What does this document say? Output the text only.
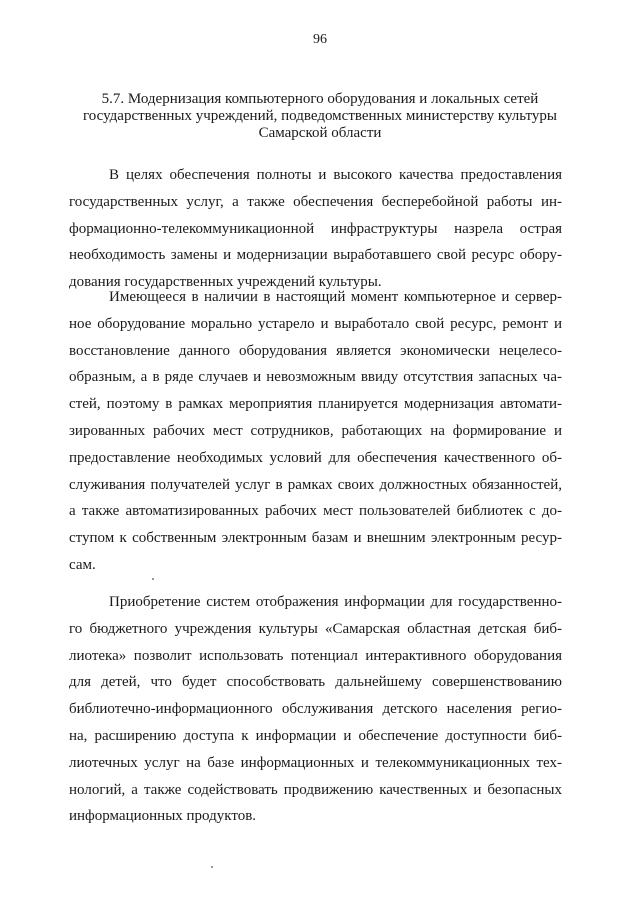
96
5.7. Модернизация компьютерного оборудования и локальных сетей
государственных учреждений, подведомственных министерству культуры
Самарской области
В целях обеспечения полноты и высокого качества предоставления
государственных услуг, а также обеспечения бесперебойной работы ин-
формационно-телекоммуникационной инфраструктуры назрела острая
необходимость замены и модернизации выработавшего свой ресурс обору-
дования государственных учреждений культуры.
Имеющееся в наличии в настоящий момент компьютерное и сервер-
ное оборудование морально устарело и выработало свой ресурс, ремонт и
восстановление данного оборудования является экономически нецелесо-
образным, а в ряде случаев и невозможным ввиду отсутствия запасных ча-
стей, поэтому в рамках мероприятия планируется модернизация автомати-
зированных рабочих мест сотрудников, работающих на формирование и
предоставление необходимых условий для обеспечения качественного об-
служивания получателей услуг в рамках своих должностных обязанностей,
а также автоматизированных рабочих мест пользователей библиотек с до-
ступом к собственным электронным базам и внешним электронным ресур-
сам.
Приобретение систем отображения информации для государственно-
го бюджетного учреждения культуры «Самарская областная детская биб-
лиотека» позволит использовать потенциал интерактивного оборудования
для детей, что будет способствовать дальнейшему совершенствованию
библиотечно-информационного обслуживания детского населения регио-
на, расширению доступа к информации и обеспечение доступности биб-
лиотечных услуг на базе информационных и телекоммуникационных тех-
нологий, а также содействовать продвижению качественных и безопасных
информационных продуктов.
